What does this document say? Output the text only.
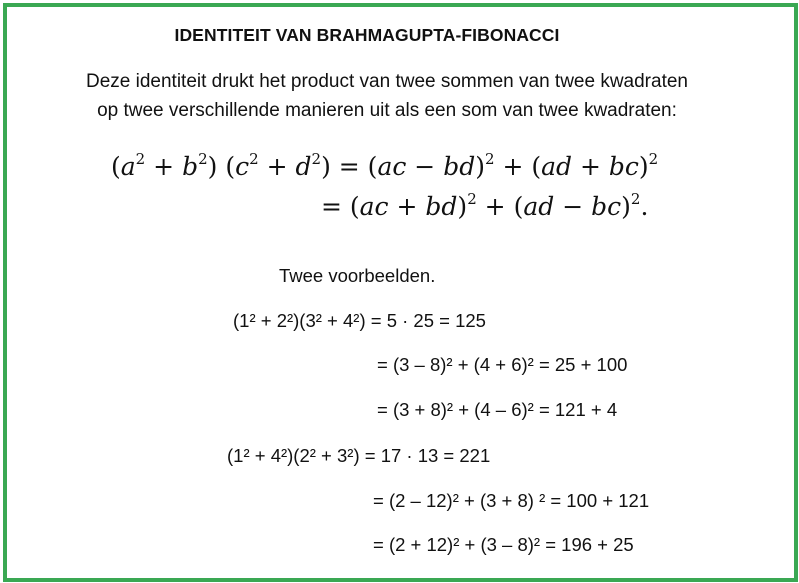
IDENTITEIT VAN BRAHMAGUPTA-FIBONACCI
Deze identiteit drukt het product van twee sommen van twee kwadraten
op twee verschillende manieren uit als een som van twee kwadraten:
$(a^2 + b^2) (c^2 + d^2) = (ac - bd)^2 + (ad + bc)^2$
= (ac + bd)$^2$ + (ad − bc)$^2$.
Twee voorbeelden.
(1² + 2²)(3² + 4²) = 5 · 25 = 125
= (3 – 8)² + (4 + 6)² = 25 + 100
= (3 + 8)² + (4 – 6)² = 121 + 4
(1² + 4²)(2² + 3²) = 17 · 13 = 221
= (2 – 12)² + (3 + 8) ² = 100 + 121
= (2 + 12)² + (3 – 8)² = 196 + 25
